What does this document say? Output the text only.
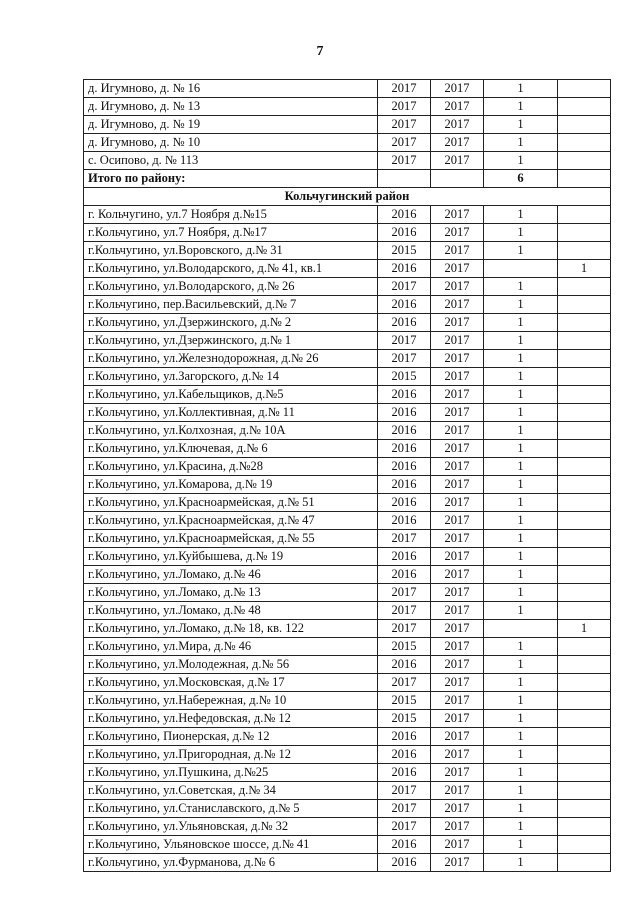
7
д. Игумново, д. № 16	2017	2017	1	
д. Игумново, д. № 13	2017	2017	1	
д. Игумново, д. № 19	2017	2017	1	
д. Игумново, д. № 10	2017	2017	1	
с. Осипово, д. № 113	2017	2017	1	
Итого по району:			6	
Кольчугинский район				
г. Кольчугино, ул.7 Ноября д.№15	2016	2017	1	
г.Кольчугино, ул.7 Ноября, д.№17	2016	2017	1	
г.Кольчугино, ул.Воровского, д.№ 31	2015	2017	1	
г.Кольчугино, ул.Володарского, д.№ 41, кв.1	2016	2017		1
г.Кольчугино, ул.Володарского, д.№ 26	2017	2017	1	
г.Кольчугино, пер.Васильевский, д.№ 7	2016	2017	1	
г.Кольчугино, ул.Дзержинского, д.№ 2	2016	2017	1	
г.Кольчугино, ул.Дзержинского, д.№ 1	2017	2017	1	
г.Кольчугино, ул.Железнодорожная, д.№ 26	2017	2017	1	
г.Кольчугино, ул.Загорского, д.№ 14	2015	2017	1	
г.Кольчугино, ул.Кабельщиков, д.№5	2016	2017	1	
г.Кольчугино, ул.Коллективная, д.№ 11	2016	2017	1	
г.Кольчугино, ул.Колхозная, д.№ 10А	2016	2017	1	
г.Кольчугино, ул.Ключевая, д.№ 6	2016	2017	1	
г.Кольчугино, ул.Красина, д.№28	2016	2017	1	
г.Кольчугино, ул.Комарова, д.№ 19	2016	2017	1	
г.Кольчугино, ул.Красноармейская, д.№ 51	2016	2017	1	
г.Кольчугино, ул.Красноармейская, д.№ 47	2016	2017	1	
г.Кольчугино, ул.Красноармейская, д.№ 55	2017	2017	1	
г.Кольчугино, ул.Куйбышева, д.№ 19	2016	2017	1	
г.Кольчугино, ул.Ломако, д.№ 46	2016	2017	1	
г.Кольчугино, ул.Ломако, д.№ 13	2017	2017	1	
г.Кольчугино, ул.Ломако, д.№ 48	2017	2017	1	
г.Кольчугино, ул.Ломако, д.№ 18, кв. 122	2017	2017		1
г.Кольчугино, ул.Мира, д.№ 46	2015	2017	1	
г.Кольчугино, ул.Молодежная, д.№ 56	2016	2017	1	
г.Кольчугино, ул.Московская, д.№ 17	2017	2017	1	
г.Кольчугино, ул.Набережная, д.№ 10	2015	2017	1	
г.Кольчугино, ул.Нефедовская, д.№ 12	2015	2017	1	
г.Кольчугино, Пионерская, д.№ 12	2016	2017	1	
г.Кольчугино, ул.Пригородная, д.№ 12	2016	2017	1	
г.Кольчугино, ул.Пушкина, д.№25	2016	2017	1	
г.Кольчугино, ул.Советская, д.№ 34	2017	2017	1	
г.Кольчугино, ул.Станиславского, д.№ 5	2017	2017	1	
г.Кольчугино, ул.Ульяновская, д.№ 32	2017	2017	1	
г.Кольчугино, Ульяновское шоссе, д.№ 41	2016	2017	1	
г.Кольчугино, ул.Фурманова, д.№ 6	2016	2017	1	
